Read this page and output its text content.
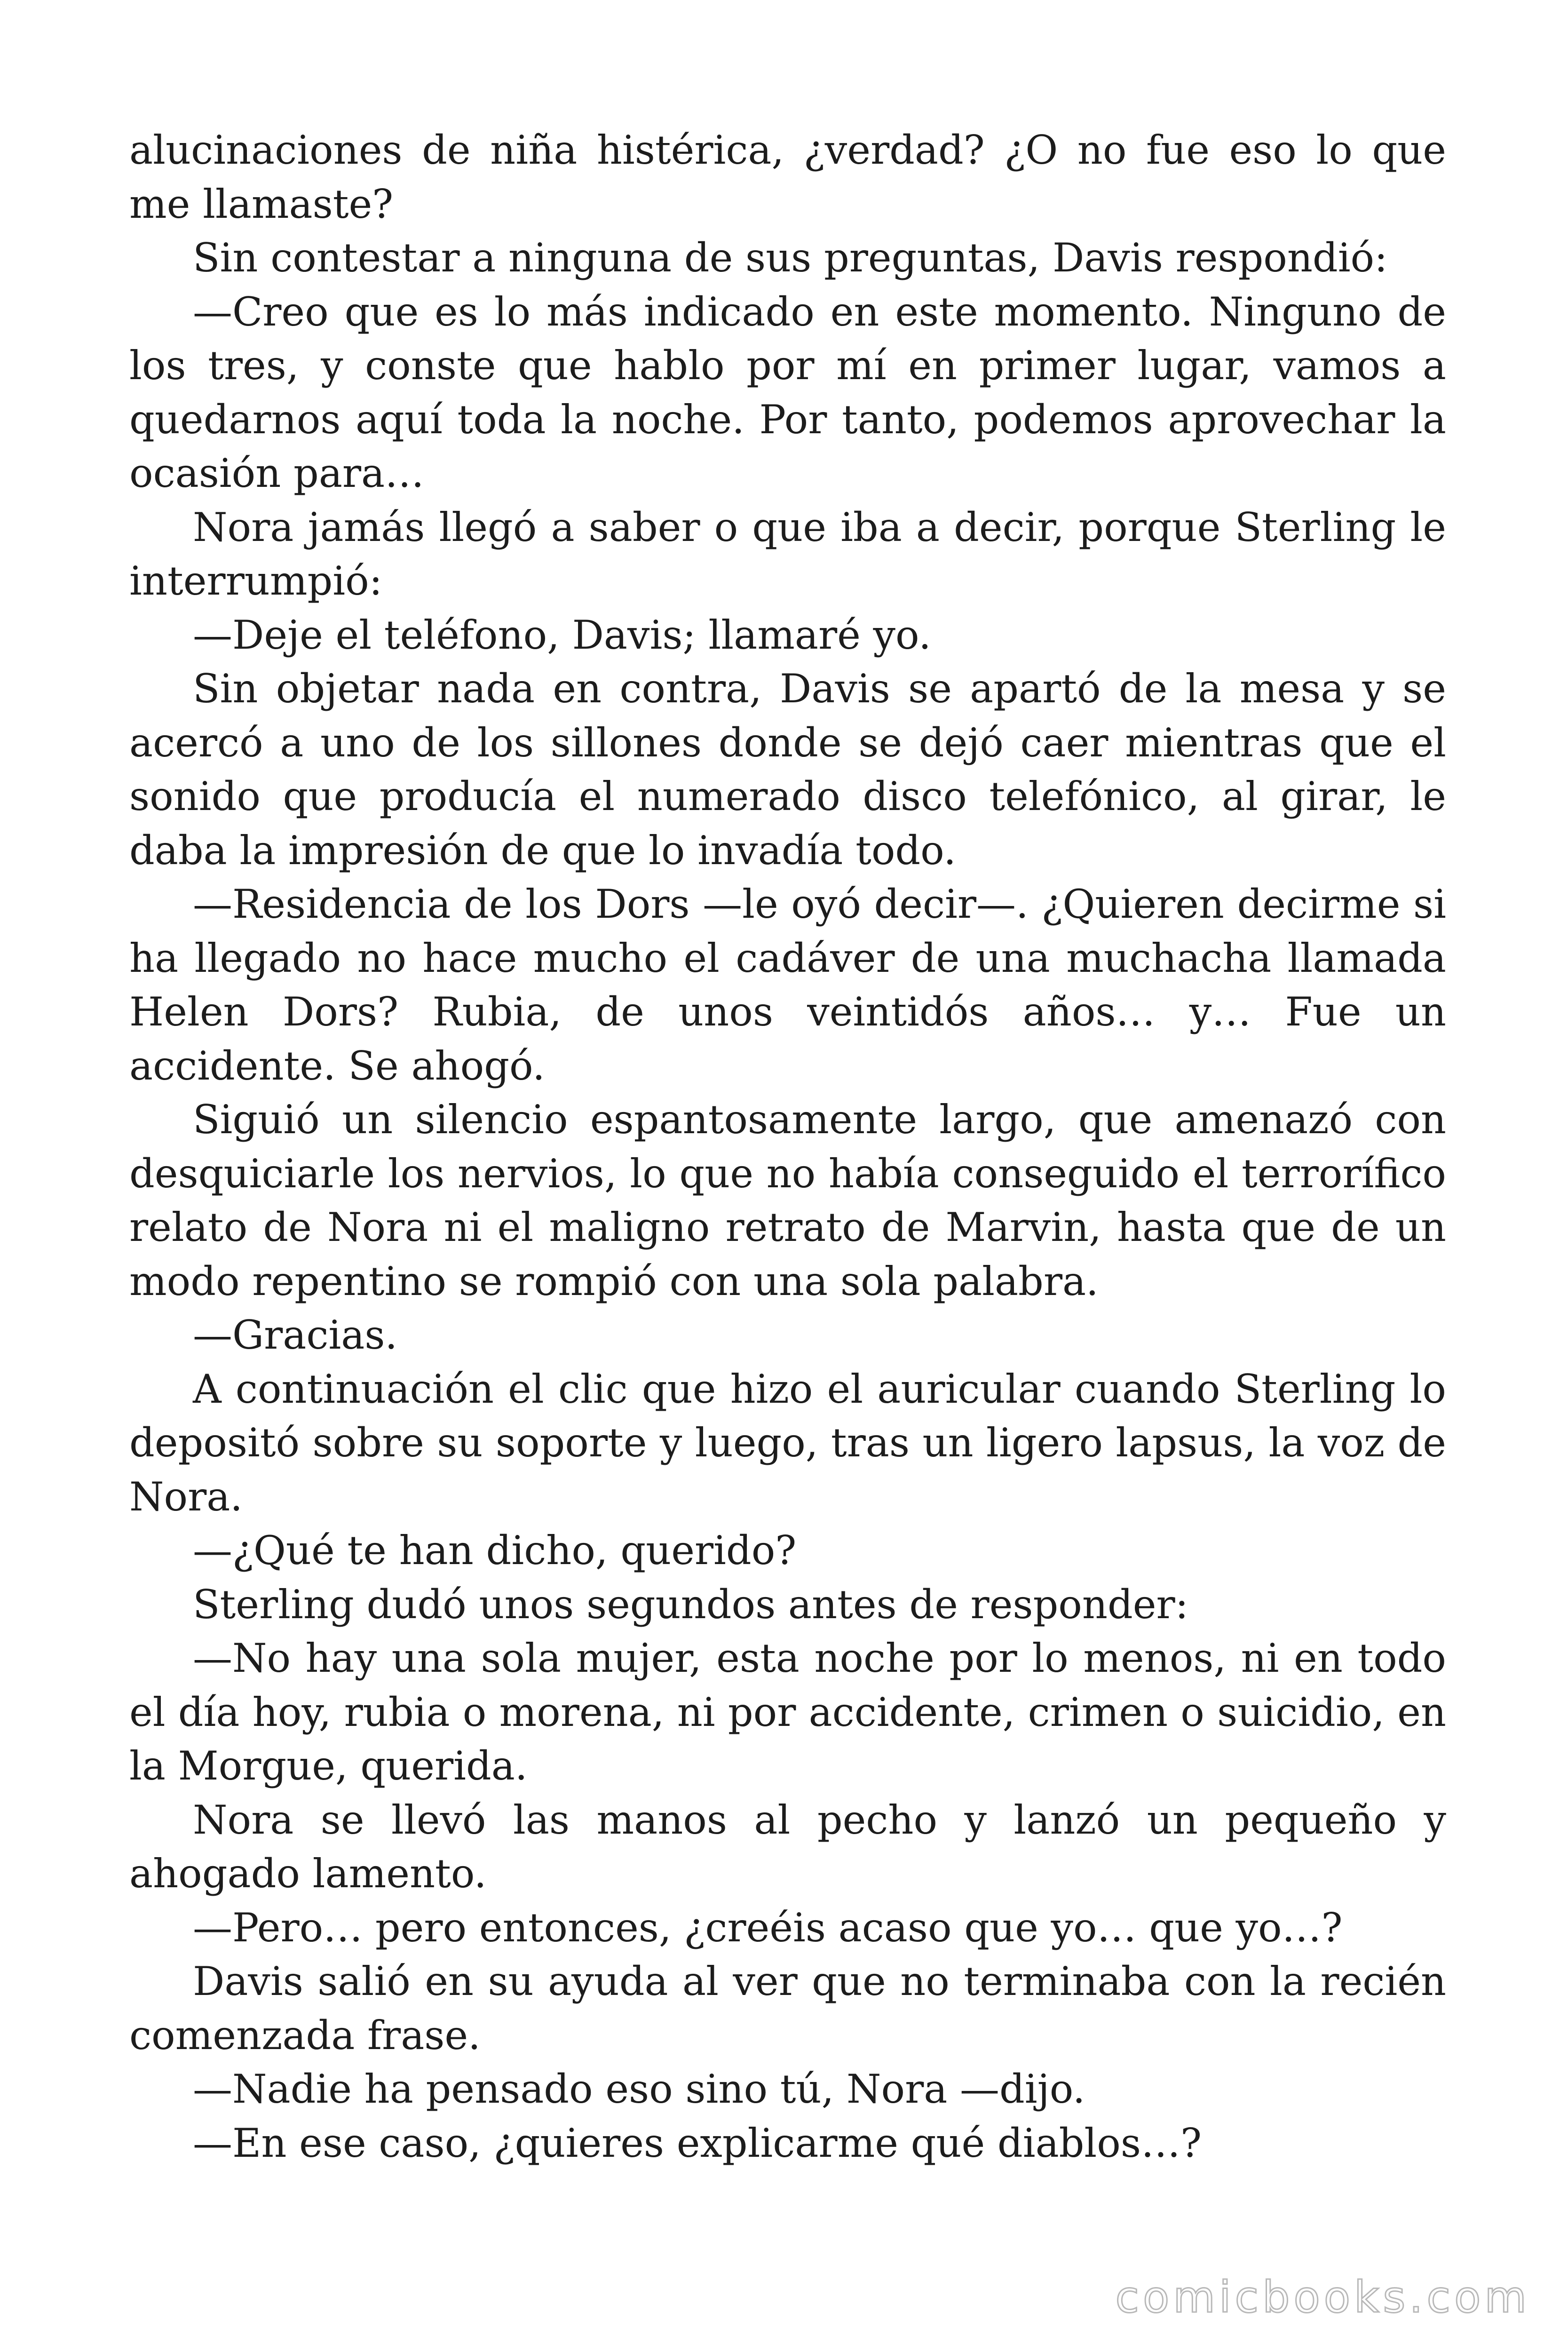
alucinaciones de niña histérica, ¿verdad? ¿O no fue eso lo que me llamaste?

Sin contestar a ninguna de sus preguntas, Davis respondió:

—Creo que es lo más indicado en este momento. Ninguno de los tres, y conste que hablo por mí en primer lugar, vamos a quedarnos aquí toda la noche. Por tanto, podemos aprovechar la ocasión para…

Nora jamás llegó a saber o que iba a decir, porque Sterling le interrumpió:

—Deje el teléfono, Davis; llamaré yo.

Sin objetar nada en contra, Davis se apartó de la mesa y se acercó a uno de los sillones donde se dejó caer mientras que el sonido que producía el numerado disco telefónico, al girar, le daba la impresión de que lo invadía todo.

—Residencia de los Dors —le oyó decir—. ¿Quieren decirme si ha llegado no hace mucho el cadáver de una muchacha llamada Helen Dors? Rubia, de unos veintidós años… y… Fue un accidente. Se ahogó.

Siguió un silencio espantosamente largo, que amenazó con desquiciarle los nervios, lo que no había conseguido el terrorífico relato de Nora ni el maligno retrato de Marvin, hasta que de un modo repentino se rompió con una sola palabra.

—Gracias.

A continuación el clic que hizo el auricular cuando Sterling lo depositó sobre su soporte y luego, tras un ligero lapsus, la voz de Nora.

—¿Qué te han dicho, querido?

Sterling dudó unos segundos antes de responder:

—No hay una sola mujer, esta noche por lo menos, ni en todo el día hoy, rubia o morena, ni por accidente, crimen o suicidio, en la Morgue, querida.

Nora se llevó las manos al pecho y lanzó un pequeño y ahogado lamento.

—Pero… pero entonces, ¿creéis acaso que yo… que yo…?

Davis salió en su ayuda al ver que no terminaba con la recién comenzada frase.

—Nadie ha pensado eso sino tú, Nora —dijo.

—En ese caso, ¿quieres explicarme qué diablos…?

comicbooks.com
